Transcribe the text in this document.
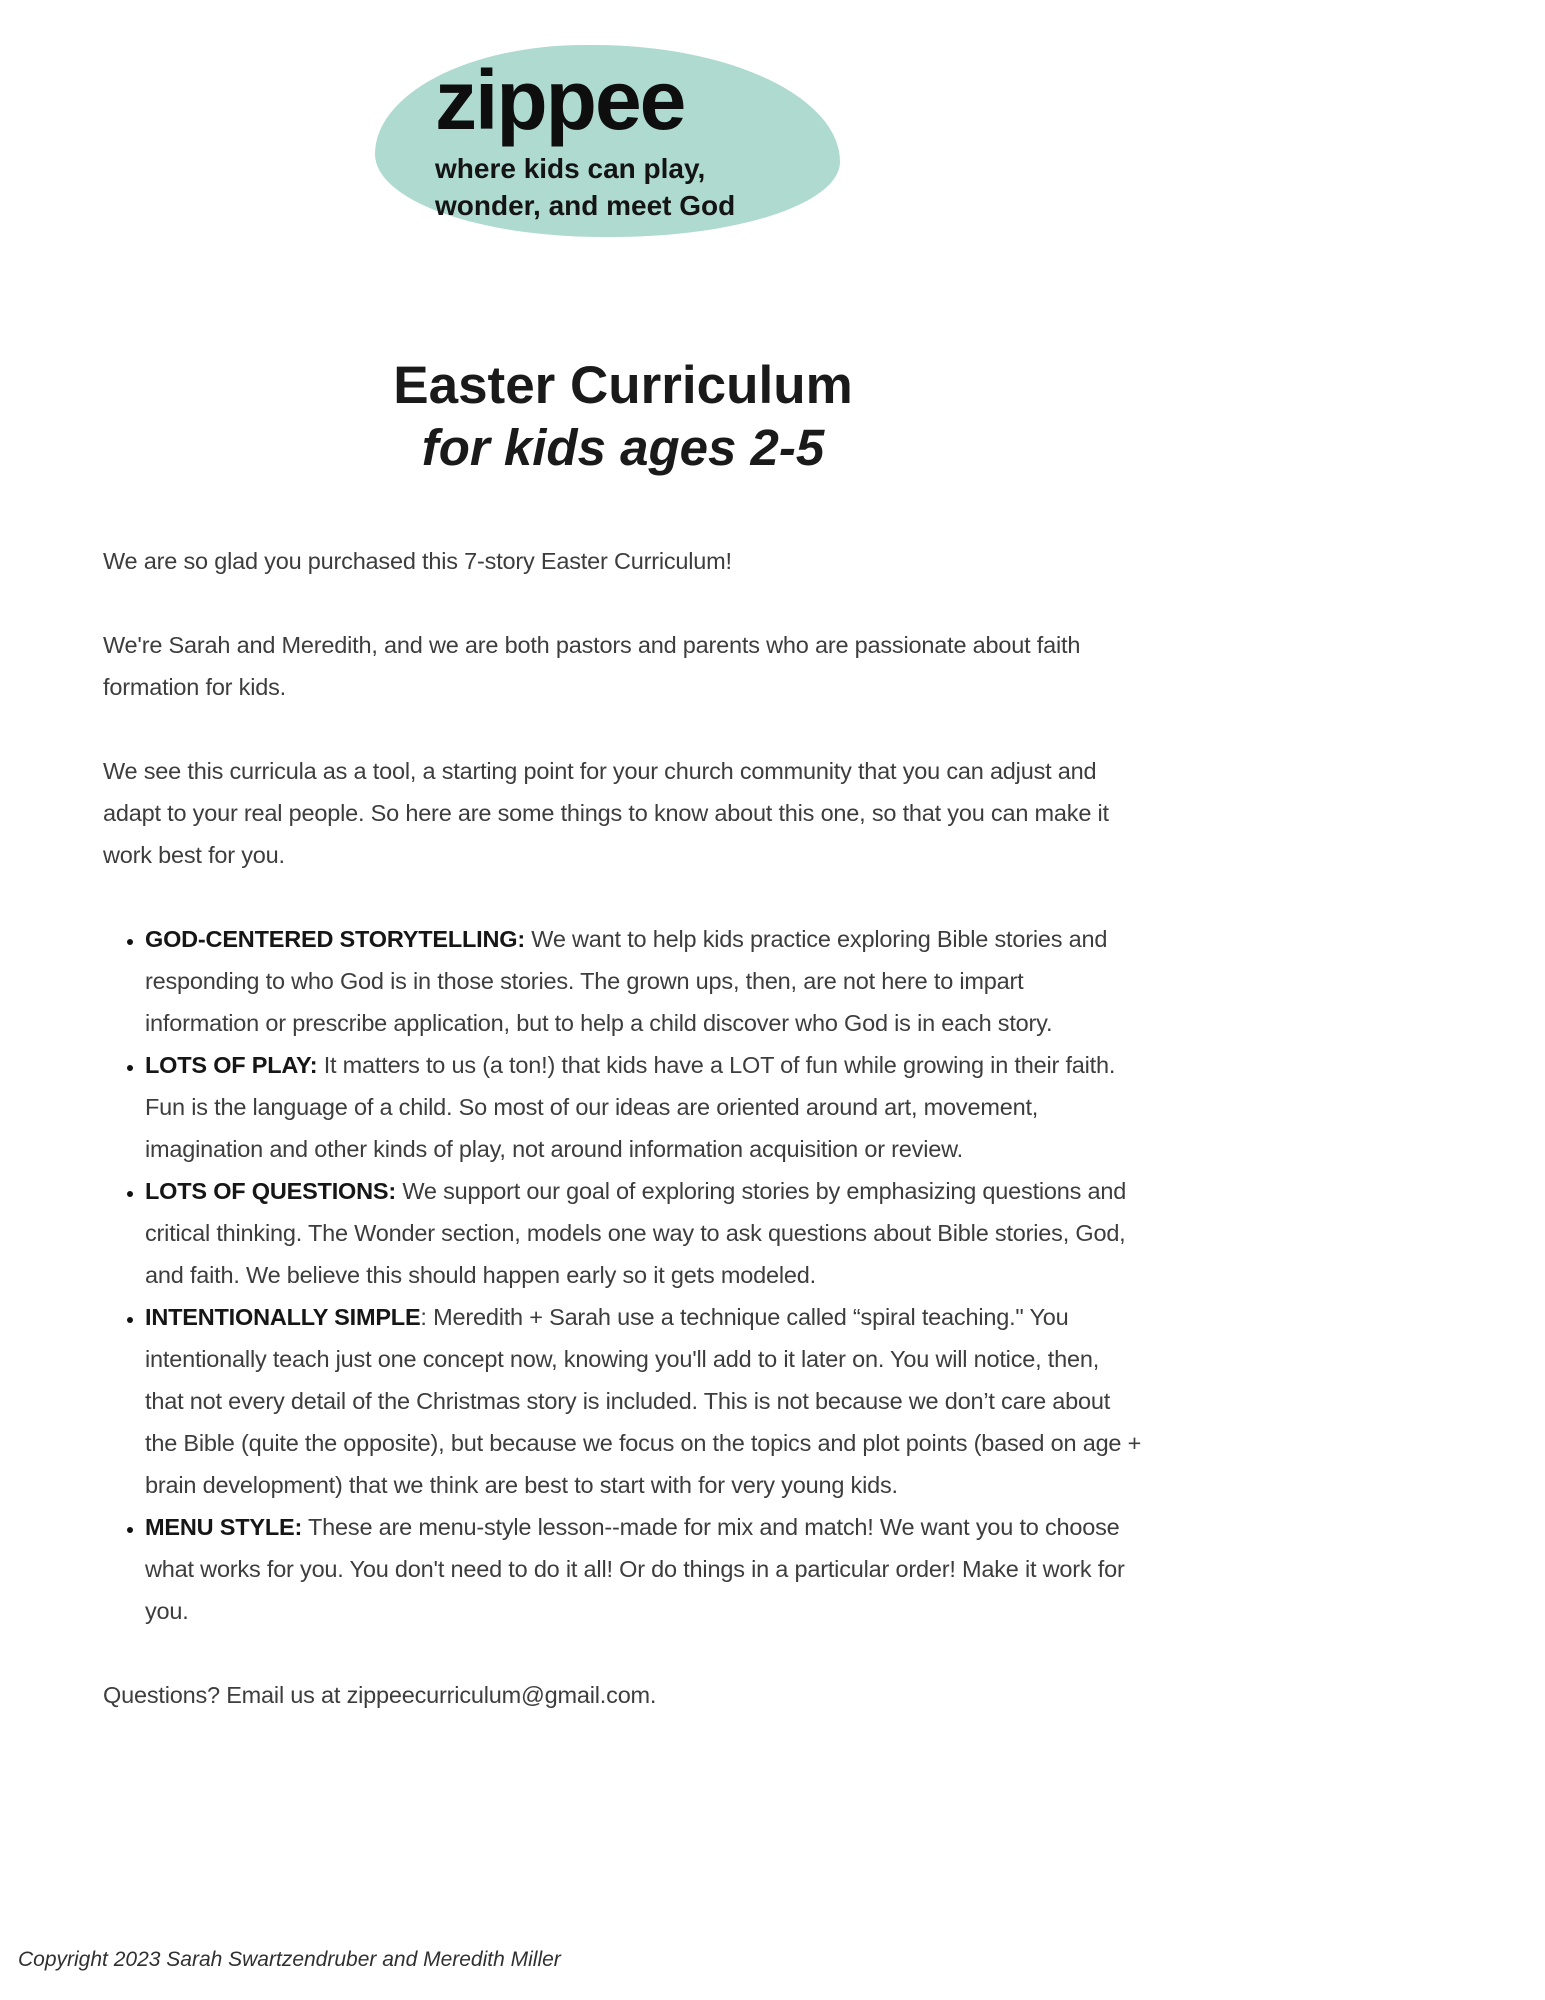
zippee
where kids can play,
wonder, and meet God
Easter Curriculum
for kids ages 2-5

We are so glad you purchased this 7-story Easter Curriculum!

We're Sarah and Meredith, and we are both pastors and parents who are passionate about faith formation for kids.

We see this curricula as a tool, a starting point for your church community that you can adjust and adapt to your real people. So here are some things to know about this one, so that you can make it work best for you.

• GOD-CENTERED STORYTELLING: We want to help kids practice exploring Bible stories and responding to who God is in those stories. The grown ups, then, are not here to impart information or prescribe application, but to help a child discover who God is in each story.
• LOTS OF PLAY: It matters to us (a ton!) that kids have a LOT of fun while growing in their faith. Fun is the language of a child. So most of our ideas are oriented around art, movement, imagination and other kinds of play, not around information acquisition or review.
• LOTS OF QUESTIONS: We support our goal of exploring stories by emphasizing questions and critical thinking. The Wonder section, models one way to ask questions about Bible stories, God, and faith. We believe this should happen early so it gets modeled.
• INTENTIONALLY SIMPLE: Meredith + Sarah use a technique called “spiral teaching." You intentionally teach just one concept now, knowing you'll add to it later on. You will notice, then, that not every detail of the Christmas story is included. This is not because we don’t care about the Bible (quite the opposite), but because we focus on the topics and plot points (based on age + brain development) that we think are best to start with for very young kids.
• MENU STYLE: These are menu-style lesson--made for mix and match! We want you to choose what works for you. You don't need to do it all! Or do things in a particular order! Make it work for you.

Questions? Email us at zippeecurriculum@gmail.com.

Copyright 2023 Sarah Swartzendruber and Meredith Miller
